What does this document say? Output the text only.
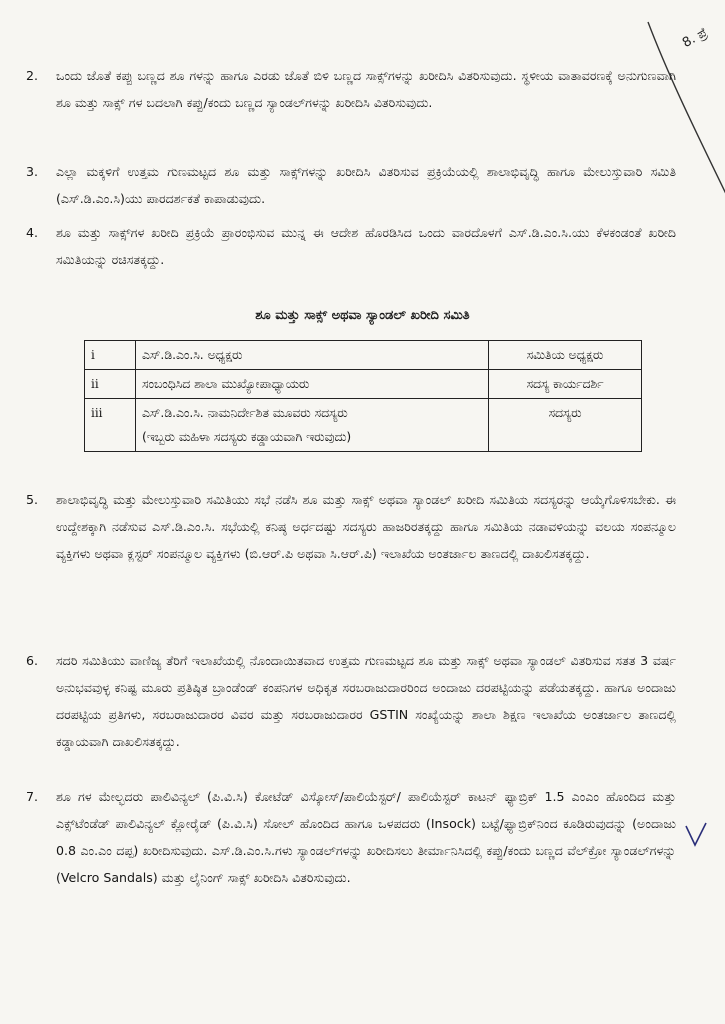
8. ಪ್ರೆ
2. ಒಂದು ಜೊತೆ ಕಪ್ಪು ಬಣ್ಣದ ಶೂ ಗಳನ್ನು ಹಾಗೂ ಎರಡು ಜೊತೆ ಬಿಳಿ ಬಣ್ಣದ ಸಾಕ್ಸ್‌ಗಳನ್ನು ಖರೀದಿಸಿ ವಿತರಿಸುವುದು. ಸ್ಥಳೀಯ ವಾತಾವರಣಕ್ಕೆ ಅನುಗುಣವಾಗಿ ಶೂ ಮತ್ತು ಸಾಕ್ಸ್ ಗಳ ಬದಲಾಗಿ ಕಪ್ಪು/ಕಂದು ಬಣ್ಣದ ಸ್ಯಾಂಡಲ್‌ಗಳನ್ನು ಖರೀದಿಸಿ ವಿತರಿಸುವುದು.
3. ಎಲ್ಲಾ ಮಕ್ಕಳಿಗೆ ಉತ್ತಮ ಗುಣಮಟ್ಟದ ಶೂ ಮತ್ತು ಸಾಕ್ಸ್‌ಗಳನ್ನು ಖರೀದಿಸಿ ವಿತರಿಸುವ ಪ್ರಕ್ರಿಯೆಯಲ್ಲಿ ಶಾಲಾಭಿವೃದ್ಧಿ ಹಾಗೂ ಮೇಲುಸ್ತುವಾರಿ ಸಮಿತಿ (ಎಸ್.ಡಿ.ಎಂ.ಸಿ)ಯು ಪಾರದರ್ಶಕತೆ ಕಾಪಾಡುವುದು.
4. ಶೂ ಮತ್ತು ಸಾಕ್ಸ್‌ಗಳ ಖರೀದಿ ಪ್ರಕ್ರಿಯೆ ಪ್ರಾರಂಭಿಸುವ ಮುನ್ನ ಈ ಆದೇಶ ಹೊರಡಿಸಿದ ಒಂದು ವಾರದೊಳಗೆ ಎಸ್.ಡಿ.ಎಂ.ಸಿ.ಯು ಕೆಳಕಂಡಂತೆ ಖರೀದಿ ಸಮಿತಿಯನ್ನು ರಚಿಸತಕ್ಕದ್ದು.
ಶೂ ಮತ್ತು ಸಾಕ್ಸ್ ಅಥವಾ ಸ್ಯಾಂಡಲ್ ಖರೀದಿ ಸಮಿತಿ
i	ಎಸ್.ಡಿ.ಎಂ.ಸಿ. ಅಧ್ಯಕ್ಷರು	ಸಮಿತಿಯ ಅಧ್ಯಕ್ಷರು
ii	ಸಂಬಂಧಿಸಿದ ಶಾಲಾ ಮುಖ್ಯೋಪಾಧ್ಯಾಯರು	ಸದಸ್ಯ ಕಾರ್ಯದರ್ಶಿ
iii	ಎಸ್.ಡಿ.ಎಂ.ಸಿ. ನಾಮನಿರ್ದೇಶಿತ ಮೂವರು ಸದಸ್ಯರು
(ಇಬ್ಬರು ಮಹಿಳಾ ಸದಸ್ಯರು ಕಡ್ಡಾಯವಾಗಿ ಇರುವುದು)	ಸದಸ್ಯರು
5. ಶಾಲಾಭಿವೃದ್ಧಿ ಮತ್ತು ಮೇಲುಸ್ತುವಾರಿ ಸಮಿತಿಯು ಸಭೆ ನಡೆಸಿ ಶೂ ಮತ್ತು ಸಾಕ್ಸ್ ಅಥವಾ ಸ್ಯಾಂಡಲ್ ಖರೀದಿ ಸಮಿತಿಯ ಸದಸ್ಯರನ್ನು ಆಯ್ಕೆಗೊಳಿಸಬೇಕು. ಈ ಉದ್ದೇಶಕ್ಕಾಗಿ ನಡೆಸುವ ಎಸ್.ಡಿ.ಎಂ.ಸಿ. ಸಭೆಯಲ್ಲಿ ಕನಿಷ್ಠ ಅರ್ಧದಷ್ಟು ಸದಸ್ಯರು ಹಾಜರಿರತಕ್ಕದ್ದು ಹಾಗೂ ಸಮಿತಿಯ ನಡಾವಳಿಯನ್ನು ವಲಯ ಸಂಪನ್ಮೂಲ ವ್ಯಕ್ತಿಗಳು ಅಥವಾ ಕ್ಲಸ್ಟರ್ ಸಂಪನ್ಮೂಲ ವ್ಯಕ್ತಿಗಳು (ಬಿ.ಆರ್.ಪಿ ಅಥವಾ ಸಿ.ಆರ್.ಪಿ) ಇಲಾಖೆಯ ಅಂತರ್ಜಾಲ ತಾಣದಲ್ಲಿ ದಾಖಲಿಸತಕ್ಕದ್ದು.
6. ಸದರಿ ಸಮಿತಿಯು ವಾಣಿಜ್ಯ ತೆರಿಗೆ ಇಲಾಖೆಯಲ್ಲಿ ನೊಂದಾಯಿತವಾದ ಉತ್ತಮ ಗುಣಮಟ್ಟದ ಶೂ ಮತ್ತು ಸಾಕ್ಸ್ ಅಥವಾ ಸ್ಯಾಂಡಲ್ ವಿತರಿಸುವ ಸತತ 3 ವರ್ಷ ಅನುಭವವುಳ್ಳ ಕನಿಷ್ಟ ಮೂರು ಪ್ರತಿಷ್ಠಿತ ಬ್ರಾಂಡೆಂಡ್ ಕಂಪನಿಗಳ ಅಧಿಕೃತ ಸರಬರಾಜುದಾರರಿಂದ ಅಂದಾಜು ದರಪಟ್ಟಿಯನ್ನು ಪಡೆಯತಕ್ಕದ್ದು. ಹಾಗೂ ಅಂದಾಜು ದರಪಟ್ಟಿಯ ಪ್ರತಿಗಳು, ಸರಬರಾಜುದಾರರ ವಿವರ ಮತ್ತು ಸರಬರಾಜುದಾರರ GSTIN ಸಂಖ್ಯೆಯನ್ನು ಶಾಲಾ ಶಿಕ್ಷಣ ಇಲಾಖೆಯ ಅಂತರ್ಜಾಲ ತಾಣದಲ್ಲಿ ಕಡ್ಡಾಯವಾಗಿ ದಾಖಲಿಸತಕ್ಕದ್ದು.
7. ಶೂ ಗಳ ಮೇಲ್ಭದರು ಪಾಲಿವಿನ್ಯಲ್ (ಪಿ.ವಿ.ಸಿ) ಕೋಟೆಡ್ ವಿಸ್ಕೋಸ್/ಪಾಲಿಯೆಸ್ಟರ್/ ಪಾಲಿಯೆಸ್ಟರ್ ಕಾಟನ್ ಫ್ಯಾಬ್ರಿಕ್ 1.5 ಎಂಎಂ ಹೊಂದಿದ ಮತ್ತು ಎಕ್ಸ್‌ಟೆಂಡೆಡ್ ಪಾಲಿವಿನ್ಯಲ್ ಕ್ಲೋರೈಡ್ (ಪಿ.ವಿ.ಸಿ) ಸೋಲ್ ಹೊಂದಿದ ಹಾಗೂ ಒಳಪದರು (Insock) ಬಟ್ಟೆ/ಫ್ಯಾಬ್ರಿಕ್‌ನಿಂದ ಕೂಡಿರುವುದನ್ನು (ಅಂದಾಜು 0.8 ಎಂ.ಎಂ ದಪ್ಪ) ಖರೀದಿಸುವುದು. ಎಸ್.ಡಿ.ಎಂ.ಸಿ.ಗಳು ಸ್ಯಾಂಡಲ್‌ಗಳನ್ನು ಖರೀದಿಸಲು ತೀರ್ಮಾನಿಸಿದಲ್ಲಿ ಕಪ್ಪು/ಕಂದು ಬಣ್ಣದ ವೆಲ್‌ಕ್ರೋ ಸ್ಯಾಂಡಲ್‌ಗಳನ್ನು (Velcro Sandals) ಮತ್ತು ಲೈನಿಂಗ್ ಸಾಕ್ಸ್ ಖರೀದಿಸಿ ವಿತರಿಸುವುದು.
